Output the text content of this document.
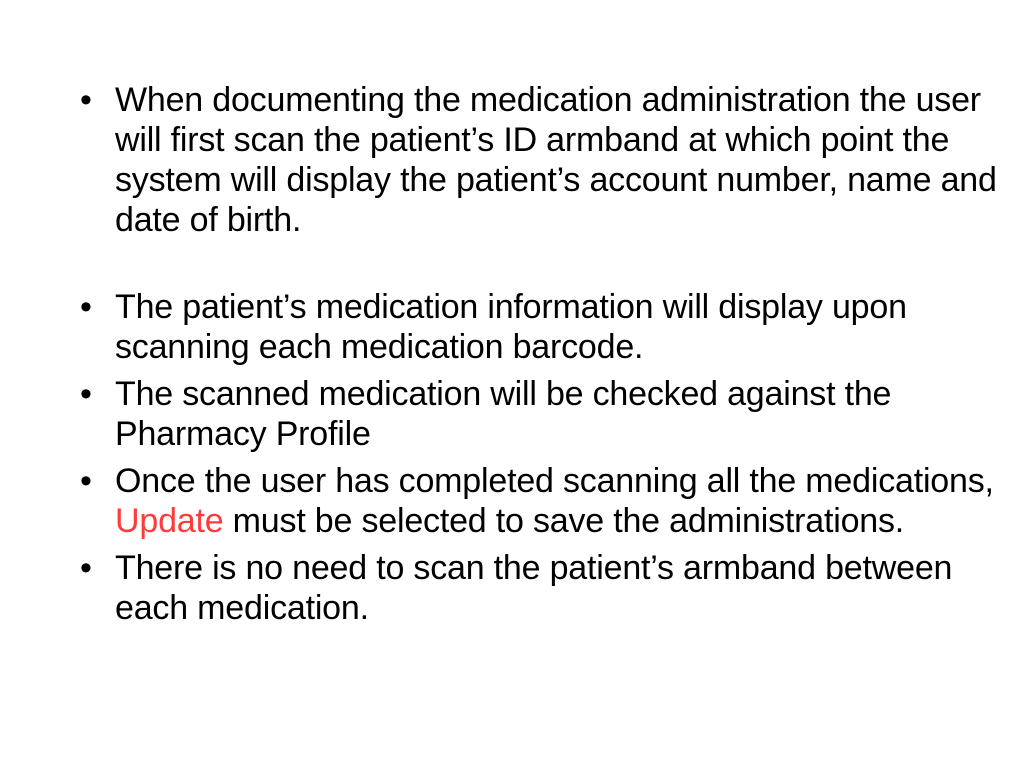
• When documenting the medication administration the user will first scan the patient’s ID armband at which point the system will display the patient’s account number, name and date of birth.
• The patient’s medication information will display upon scanning each medication barcode.
• The scanned medication will be checked against the Pharmacy Profile
• Once the user has completed scanning all the medications, Update must be selected to save the administrations.
• There is no need to scan the patient’s armband between each medication.
